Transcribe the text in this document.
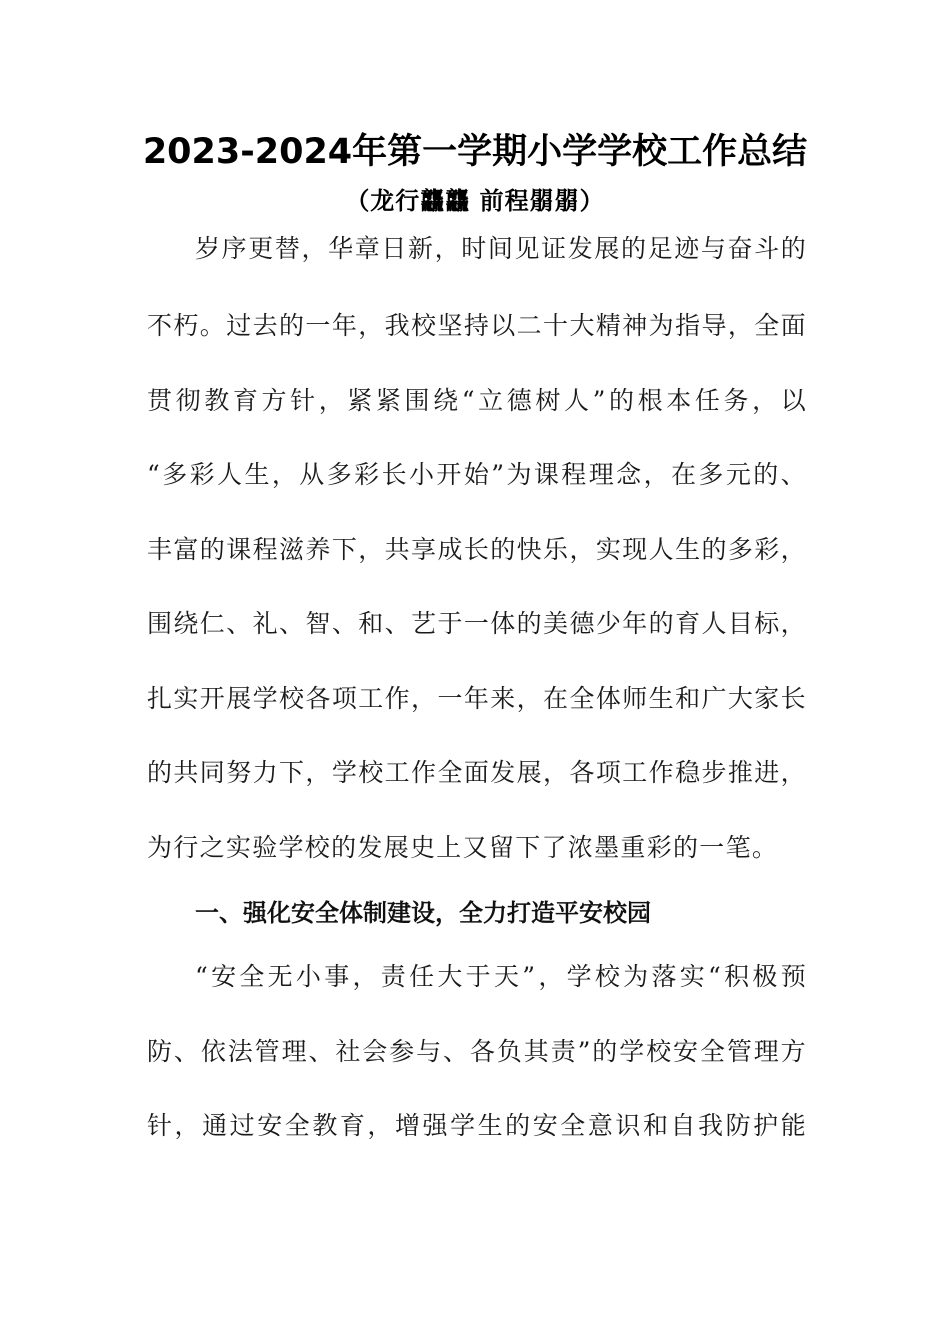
2023-2024年第一学期小学学校工作总结
（龙行龘龘 前程朤朤）
岁序更替，华章日新，时间见证发展的足迹与奋斗的
不朽。过去的一年，我校坚持以二十大精神为指导，全面
贯彻教育方针，紧紧围绕“立德树人”的根本任务，以
“多彩人生，从多彩长小开始”为课程理念，在多元的、
丰富的课程滋养下，共享成长的快乐，实现人生的多彩，
围绕仁、礼、智、和、艺于一体的美德少年的育人目标，
扎实开展学校各项工作，一年来，在全体师生和广大家长
的共同努力下，学校工作全面发展，各项工作稳步推进，
为行之实验学校的发展史上又留下了浓墨重彩的一笔。
一、强化安全体制建设，全力打造平安校园
“安全无小事，责任大于天”，学校为落实“积极预
防、依法管理、社会参与、各负其责”的学校安全管理方
针，通过安全教育，增强学生的安全意识和自我防护能
